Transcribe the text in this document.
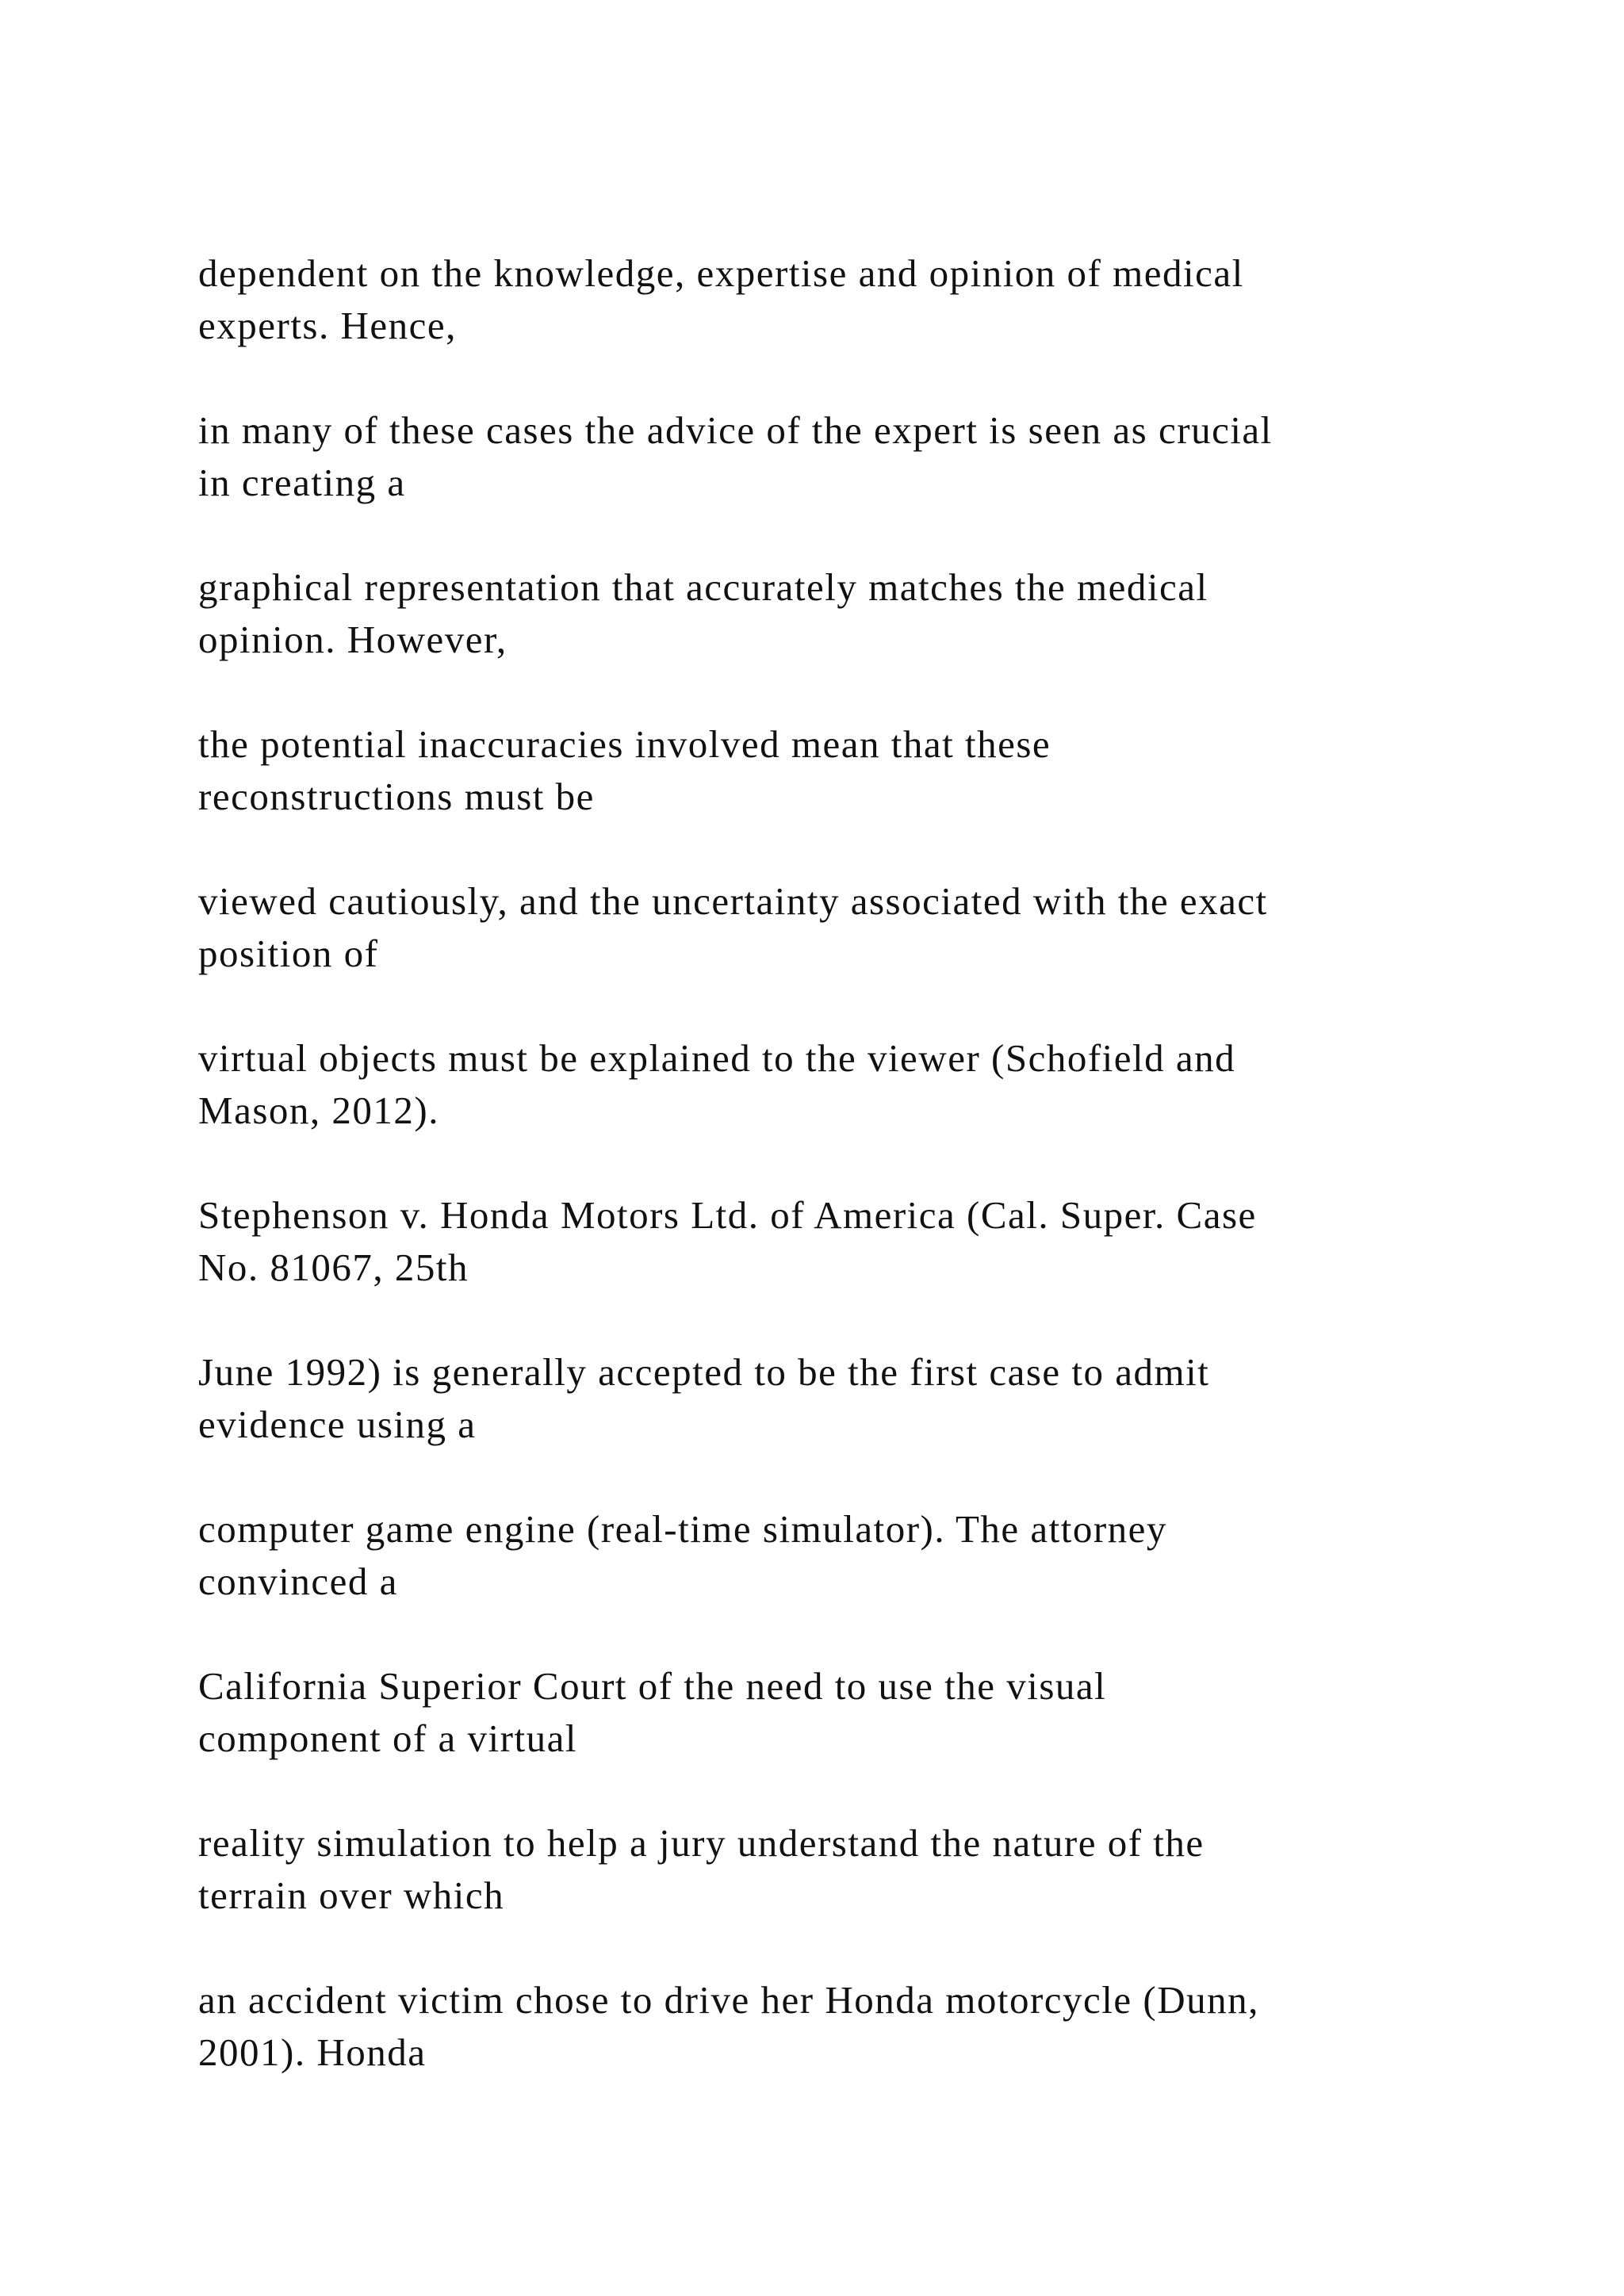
dependent on the knowledge, expertise and opinion of medical
experts. Hence,

in many of these cases the advice of the expert is seen as crucial
in creating a

graphical representation that accurately matches the medical
opinion. However,

the potential inaccuracies involved mean that these
reconstructions must be

viewed cautiously, and the uncertainty associated with the exact
position of

virtual objects must be explained to the viewer (Schofield and
Mason, 2012).

Stephenson v. Honda Motors Ltd. of America (Cal. Super. Case
No. 81067, 25th

June 1992) is generally accepted to be the first case to admit
evidence using a

computer game engine (real-time simulator). The attorney
convinced a

California Superior Court of the need to use the visual
component of a virtual

reality simulation to help a jury understand the nature of the
terrain over which

an accident victim chose to drive her Honda motorcycle (Dunn,
2001). Honda
